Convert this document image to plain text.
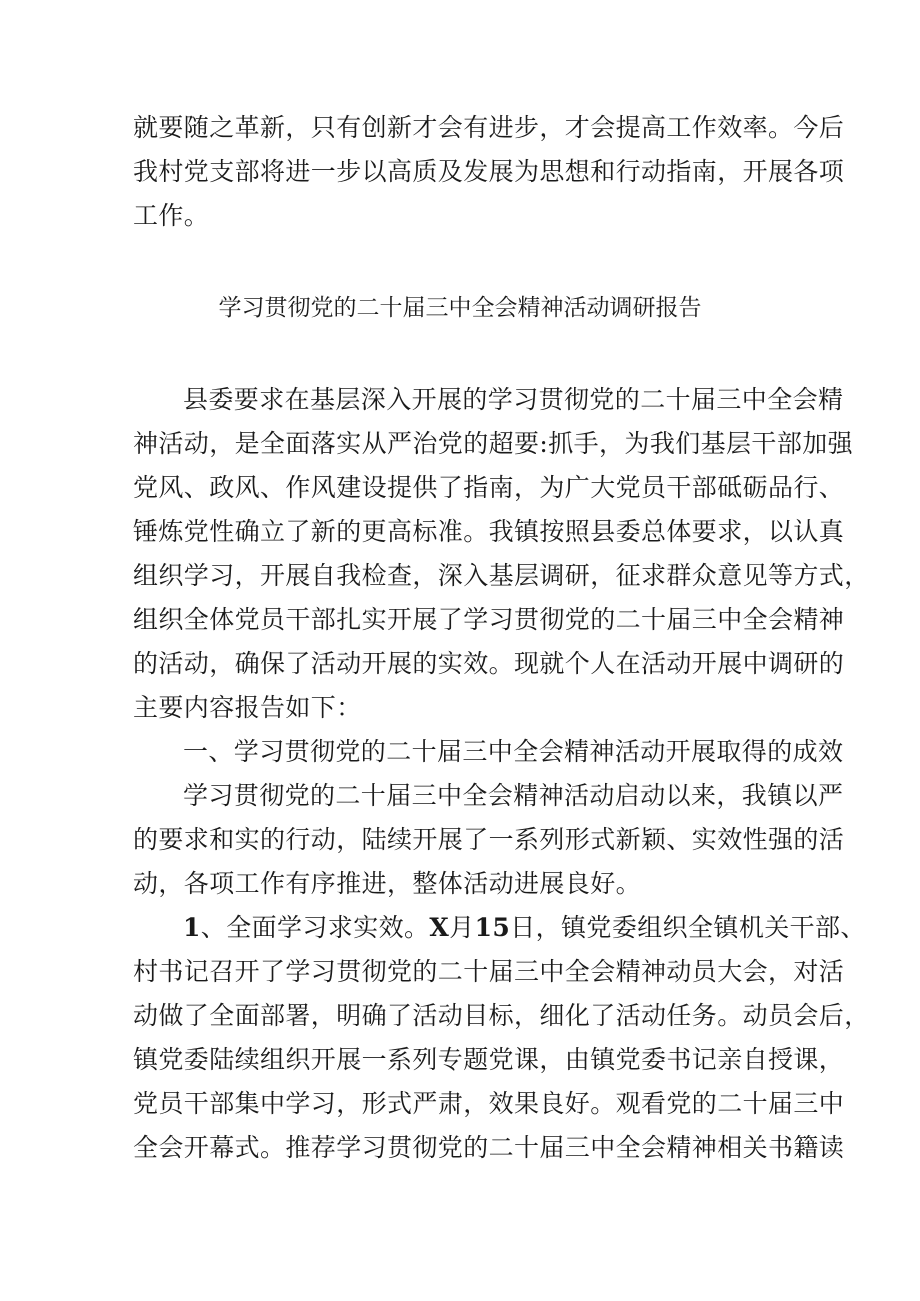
就要随之革新，只有创新才会有进步，才会提高工作效率。今后
我村党支部将进一步以高质及发展为思想和行动指南，开展各项
工作。
学习贯彻党的二十届三中全会精神活动调研报告
县委要求在基层深入开展的学习贯彻党的二十届三中全会精
神活动，是全面落实从严治党的超要:抓手，为我们基层干部加强
党风、政风、作风建设提供了指南，为广大党员干部砥砺品行、
锤炼党性确立了新的更高标准。我镇按照县委总体要求，以认真
组织学习，开展自我检查，深入基层调研，征求群众意见等方式，
组织全体党员干部扎实开展了学习贯彻党的二十届三中全会精神
的活动，确保了活动开展的实效。现就个人在活动开展中调研的
主要内容报告如下：
一、学习贯彻党的二十届三中全会精神活动开展取得的成效
学习贯彻党的二十届三中全会精神活动启动以来，我镇以严
的要求和实的行动，陆续开展了一系列形式新颖、实效性强的活
动，各项工作有序推进，整体活动进展良好。
1、全面学习求实效。X月15日，镇党委组织全镇机关干部、
村书记召开了学习贯彻党的二十届三中全会精神动员大会，对活
动做了全面部署，明确了活动目标，细化了活动任务。动员会后，
镇党委陆续组织开展一系列专题党课，由镇党委书记亲自授课，
党员干部集中学习，形式严肃，效果良好。观看党的二十届三中
全会开幕式。推荐学习贯彻党的二十届三中全会精神相关书籍读
